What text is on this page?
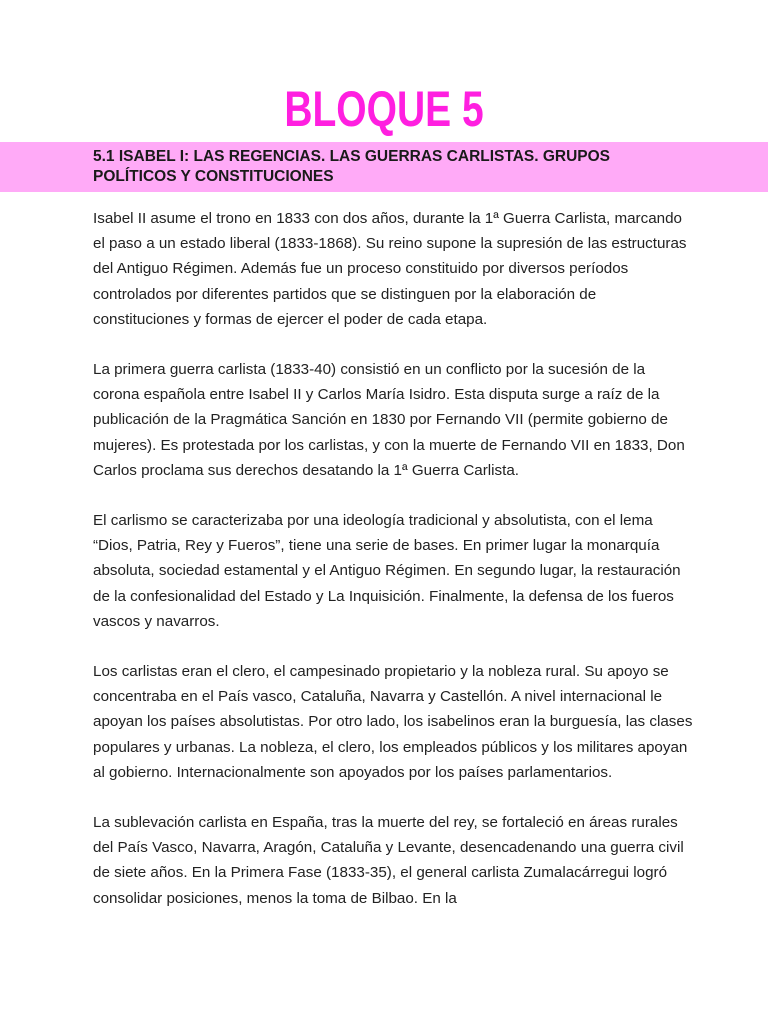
BLOQUE 5
5.1 ISABEL I: LAS REGENCIAS. LAS GUERRAS CARLISTAS. GRUPOS POLÍTICOS Y CONSTITUCIONES

Isabel II asume el trono en 1833 con dos años, durante la 1ª Guerra Carlista, marcando el paso a un estado liberal (1833-1868). Su reino supone la supresión de las estructuras del Antiguo Régimen. Además fue un proceso constituido por diversos períodos controlados por diferentes partidos que se distinguen por la elaboración de constituciones y formas de ejercer el poder de cada etapa.

La primera guerra carlista (1833-40) consistió en un conflicto por la sucesión de la corona española entre Isabel II y Carlos María Isidro. Esta disputa surge a raíz de la publicación de la Pragmática Sanción en 1830 por Fernando VII (permite gobierno de mujeres). Es protestada por los carlistas, y con la muerte de Fernando VII en 1833, Don Carlos proclama sus derechos desatando la 1ª Guerra Carlista.

El carlismo se caracterizaba por una ideología tradicional y absolutista, con el lema “Dios, Patria, Rey y Fueros”, tiene una serie de bases. En primer lugar la monarquía absoluta, sociedad estamental y el Antiguo Régimen. En segundo lugar, la restauración de la confesionalidad del Estado y La Inquisición. Finalmente, la defensa de los fueros vascos y navarros.

Los carlistas eran el clero, el campesinado propietario y la nobleza rural. Su apoyo se concentraba en el País vasco, Cataluña, Navarra y Castellón. A nivel internacional le apoyan los países absolutistas. Por otro lado, los isabelinos eran la burguesía, las clases populares y urbanas. La nobleza, el clero, los empleados públicos y los militares apoyan al gobierno. Internacionalmente son apoyados por los países parlamentarios.

La sublevación carlista en España, tras la muerte del rey, se fortaleció en áreas rurales del País Vasco, Navarra, Aragón, Cataluña y Levante, desencadenando una guerra civil de siete años. En la Primera Fase (1833-35), el general carlista Zumalacárregui logró consolidar posiciones, menos la toma de Bilbao. En la
